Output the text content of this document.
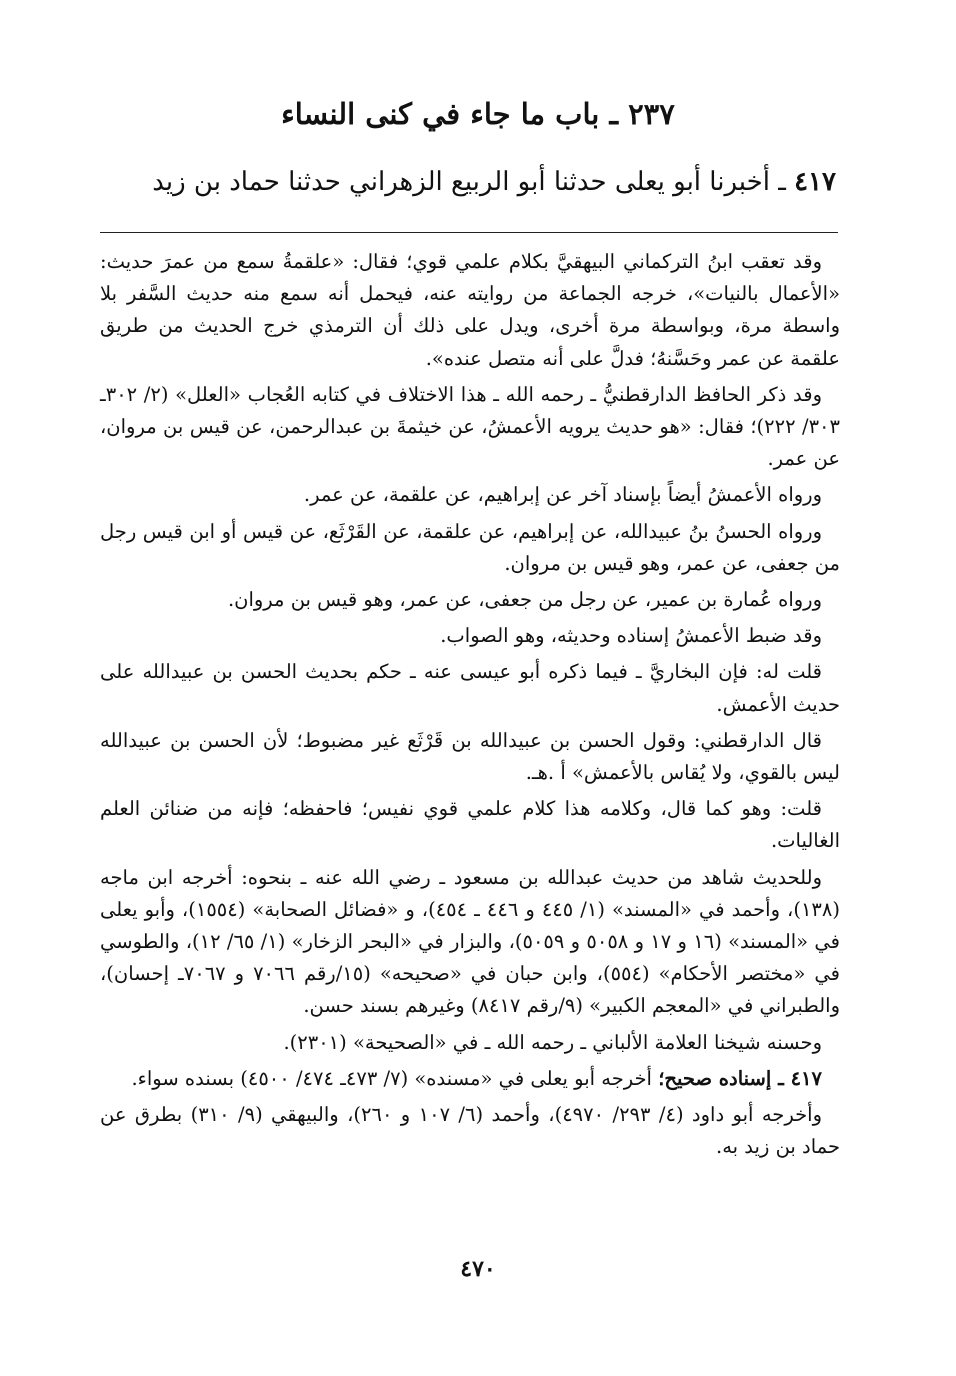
٢٣٧ ـ باب ما جاء في كنى النساء
٤١٧ ـ أخبرنا أبو يعلى حدثنا أبو الربيع الزهراني حدثنا حماد بن زيد

وقد تعقب ابنُ التركماني البيهقيَّ بكلام علمي قوي؛ فقال: «علقمةُ سمع من عمرَ حديث: «الأعمال بالنيات»، خرجه الجماعة من روايته عنه، فيحمل أنه سمع منه حديث السَّفر بلا واسطة مرة، وبواسطة مرة أخرى، ويدل على ذلك أن الترمذي خرج الحديث من طريق علقمة عن عمر وحَسَّنهُ؛ فدلَّ على أنه متصل عنده».

وقد ذكر الحافظ الدارقطنيُّ ـ رحمه الله ـ هذا الاختلاف في كتابه العُجاب «العلل» (٢/ ٣٠٢ـ ٣٠٣/ ٢٢٢)؛ فقال: «هو حديث يرويه الأعمشُ، عن خيثمةَ بن عبدالرحمن، عن قيس بن مروان، عن عمر.

ورواه الأعمشُ أيضاً بإسناد آخر عن إبراهيم، عن علقمة، عن عمر.

ورواه الحسنُ بنُ عبيدالله، عن إبراهيم، عن علقمة، عن القَرْثَع، عن قيس أو ابن قيس رجل من جعفى، عن عمر، وهو قيس بن مروان.

ورواه عُمارة بن عمير، عن رجل من جعفى، عن عمر، وهو قيس بن مروان.

وقد ضبط الأعمشُ إسناده وحديثه، وهو الصواب.

قلت له: فإن البخاريَّ ـ فيما ذكره أبو عيسى عنه ـ حكم بحديث الحسن بن عبيدالله على حديث الأعمش.

قال الدارقطني: وقول الحسن بن عبيدالله بن قَرْثَع غير مضبوط؛ لأن الحسن بن عبيدالله ليس بالقوي، ولا يُقاس بالأعمش» أ .هـ.

قلت: وهو كما قال، وكلامه هذا كلام علمي قوي نفيس؛ فاحفظه؛ فإنه من ضنائن العلم الغاليات.

وللحديث شاهد من حديث عبدالله بن مسعود ـ رضي الله عنه ـ بنحوه: أخرجه ابن ماجه (١٣٨)، وأحمد في «المسند» (١/ ٤٤٥ و ٤٤٦ ـ ٤٥٤)، و «فضائل الصحابة» (١٥٥٤)، وأبو يعلى في «المسند» (١٦ و ١٧ و ٥٠٥٨ و ٥٠٥٩)، والبزار في «البحر الزخار» (١/ ٦٥/ ١٢)، والطوسي في «مختصر الأحكام» (٥٥٤)، وابن حبان في «صحيحه» (١٥/رقم ٧٠٦٦ و ٧٠٦٧ـ إحسان)، والطبراني في «المعجم الكبير» (٩/رقم ٨٤١٧) وغيرهم بسند حسن.

وحسنه شيخنا العلامة الألباني ـ رحمه الله ـ في «الصحيحة» (٢٣٠١).

٤١٧ ـ إسناده صحيح؛ أخرجه أبو يعلى في «مسنده» (٧/ ٤٧٣ـ ٤٧٤/ ٤٥٠٠) بسنده سواء.

وأخرجه أبو داود (٤/ ٢٩٣/ ٤٩٧٠)، وأحمد (٦/ ١٠٧ و ٢٦٠)، والبيهقي (٩/ ٣١٠) بطرق عن حماد بن زيد به.

٤٧٠
